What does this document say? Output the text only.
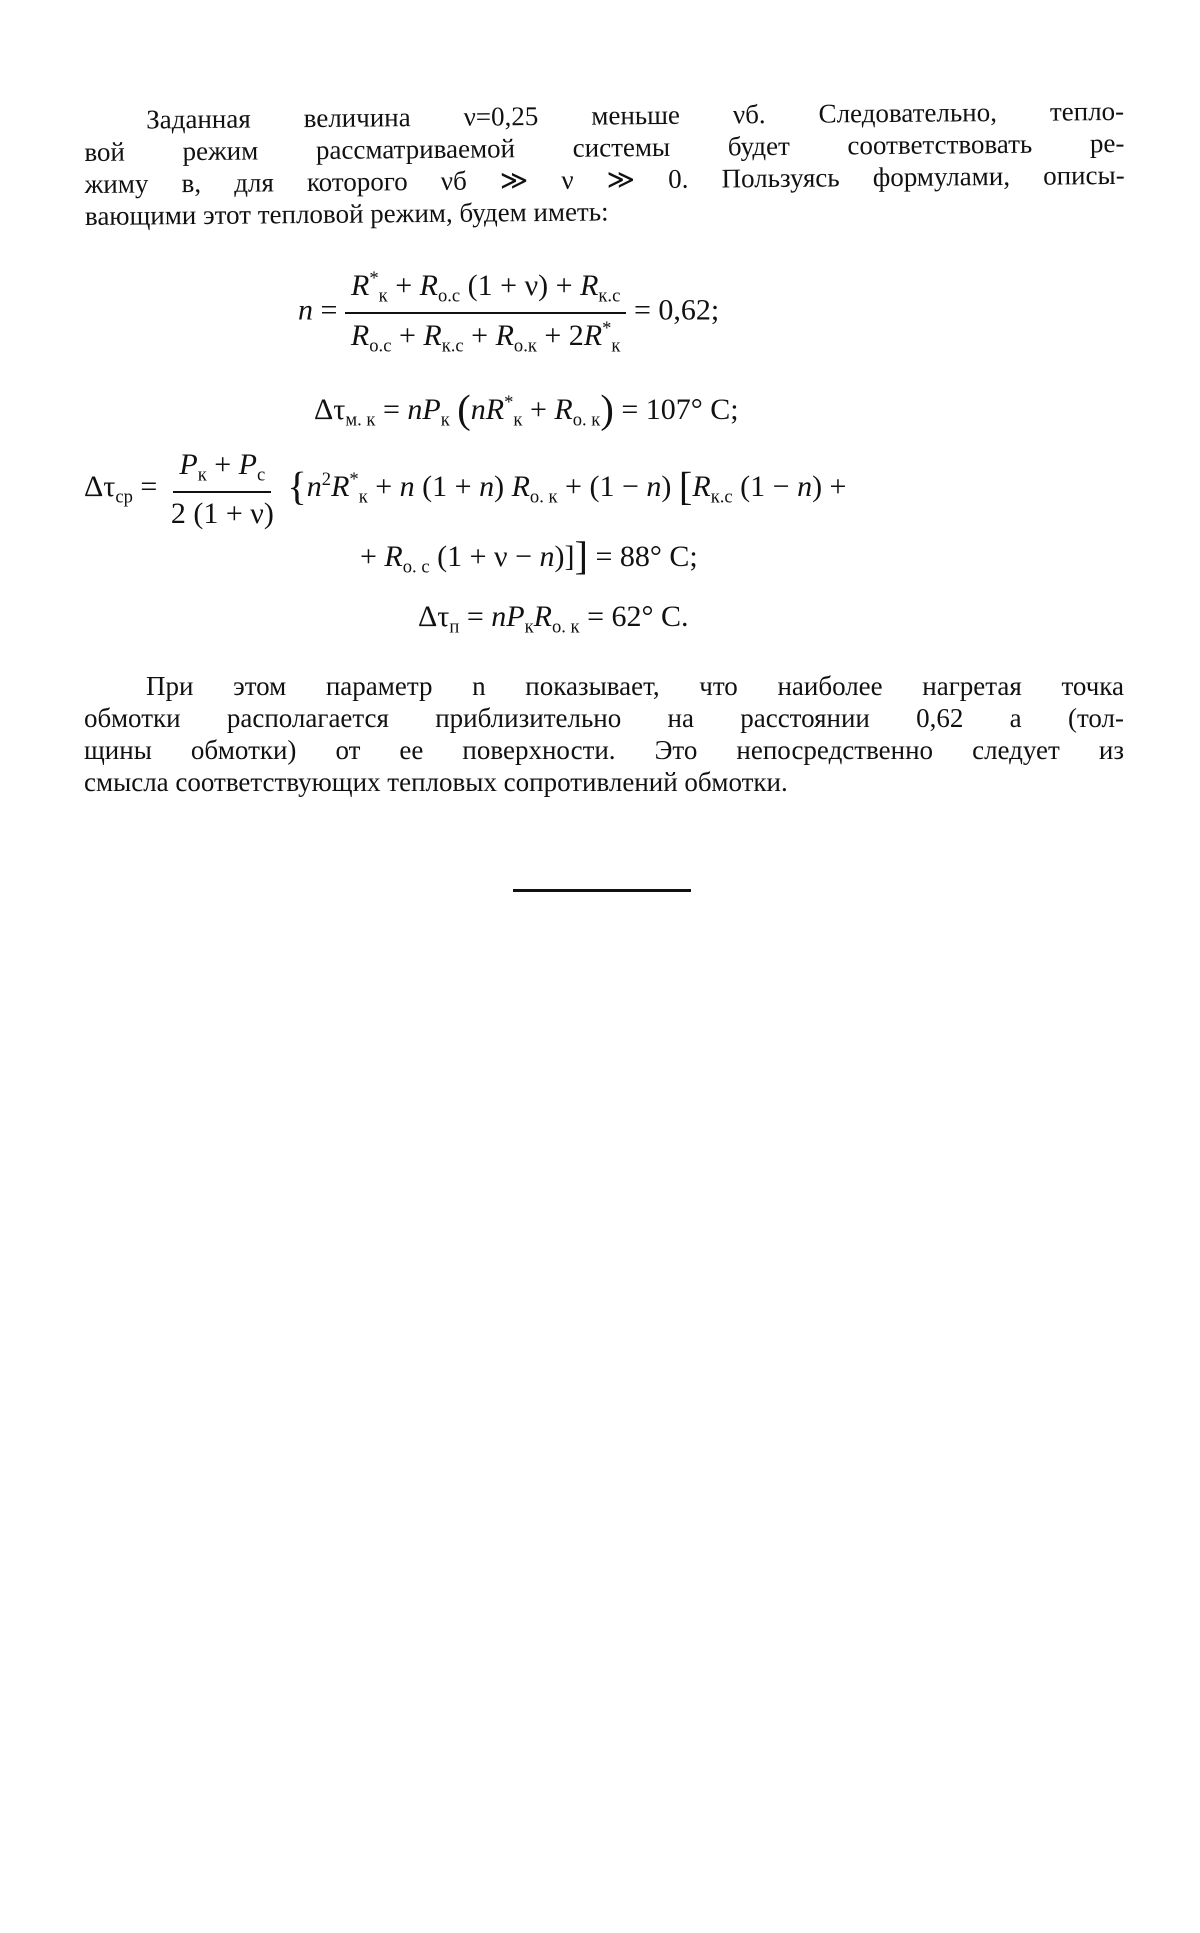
Заданная величина ν=0,25 меньше νб. Следовательно, тепло-
вой режим рассматриваемой системы будет соответствовать ре-
жиму в, для которого νб ≫ ν ≫ 0. Пользуясь формулами, описы-
вающими этот тепловой режим, будем иметь:
$n = \frac{R^*_к + R_{о.с} (1 + \nu) + R_{к.с}}{R_{о.с} + R_{к.с} + R_{о.к} + 2R^*_к} = 0,62$;
$\Delta\tau_{м. к} = nP_к$ $(nR^*_к + R_{о. к}) = 107^\circ$ С;
$\Delta\tau_{ср} = \frac{P_к + P_с}{2 (1 + \nu)} \{n^2R^*_к + n$ (1 + n) $R_{о. к} + (1 - n)$ [$R_{к.с}$ (1 − n) +
+ $R_{о. с}$ (1 + ν − n)]] = 88° С;
$\Delta\tau_п = nP_кR_{о. к} = 62^\circ$ С.
При этом параметр n показывает, что наиболее нагретая точка
обмотки располагается приблизительно на расстоянии 0,62 a (тол-
щины обмотки) от ее поверхности. Это непосредственно следует из
смысла соответствующих тепловых сопротивлений обмотки.
